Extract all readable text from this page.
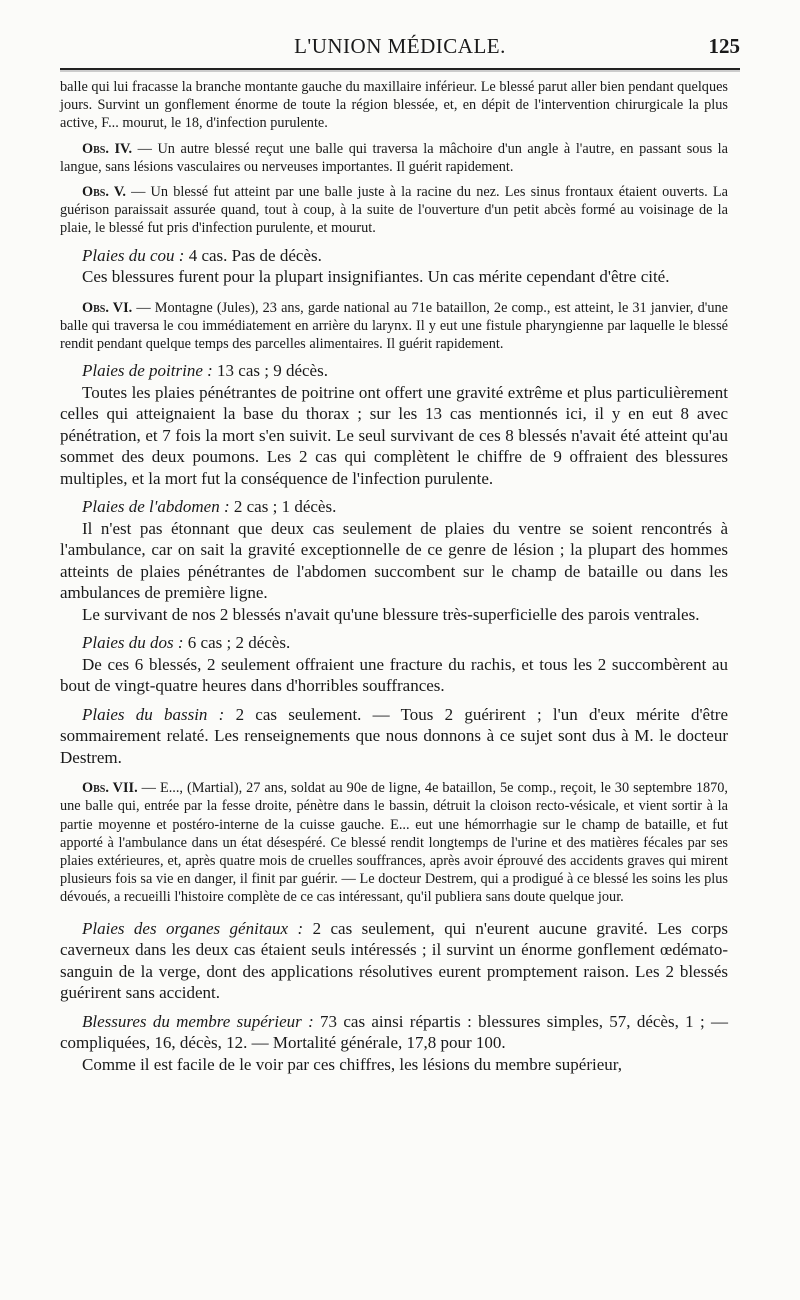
L'UNION MÉDICALE.	125

balle qui lui fracasse la branche montante gauche du maxillaire inférieur. Le blessé parut aller bien pendant quelques jours. Survint un gonflement énorme de toute la région blessée, et, en dépit de l'intervention chirurgicale la plus active, F... mourut, le 18, d'infection purulente.

Obs. IV. — Un autre blessé reçut une balle qui traversa la mâchoire d'un angle à l'autre, en passant sous la langue, sans lésions vasculaires ou nerveuses importantes. Il guérit rapidement.

Obs. V. — Un blessé fut atteint par une balle juste à la racine du nez. Les sinus frontaux étaient ouverts. La guérison paraissait assurée quand, tout à coup, à la suite de l'ouverture d'un petit abcès formé au voisinage de la plaie, le blessé fut pris d'infection purulente, et mourut.

Plaies du cou : 4 cas. Pas de décès.

Ces blessures furent pour la plupart insignifiantes. Un cas mérite cependant d'être cité.

Obs. VI. — Montagne (Jules), 23 ans, garde national au 71e bataillon, 2e comp., est atteint, le 31 janvier, d'une balle qui traversa le cou immédiatement en arrière du larynx. Il y eut une fistule pharyngienne par laquelle le blessé rendit pendant quelque temps des parcelles alimentaires. Il guérit rapidement.

Plaies de poitrine : 13 cas ; 9 décès.

Toutes les plaies pénétrantes de poitrine ont offert une gravité extrême et plus particulièrement celles qui atteignaient la base du thorax ; sur les 13 cas mentionnés ici, il y en eut 8 avec pénétration, et 7 fois la mort s'en suivit. Le seul survivant de ces 8 blessés n'avait été atteint qu'au sommet des deux poumons. Les 2 cas qui complètent le chiffre de 9 offraient des blessures multiples, et la mort fut la conséquence de l'infection purulente.

Plaies de l'abdomen : 2 cas ; 1 décès.

Il n'est pas étonnant que deux cas seulement de plaies du ventre se soient rencontrés à l'ambulance, car on sait la gravité exceptionnelle de ce genre de lésion ; la plupart des hommes atteints de plaies pénétrantes de l'abdomen succombent sur le champ de bataille ou dans les ambulances de première ligne.

Le survivant de nos 2 blessés n'avait qu'une blessure très-superficielle des parois ventrales.

Plaies du dos : 6 cas ; 2 décès.

De ces 6 blessés, 2 seulement offraient une fracture du rachis, et tous les 2 succombèrent au bout de vingt-quatre heures dans d'horribles souffrances.

Plaies du bassin : 2 cas seulement. — Tous 2 guérirent ; l'un d'eux mérite d'être sommairement relaté. Les renseignements que nous donnons à ce sujet sont dus à M. le docteur Destrem.

Obs. VII. — E..., (Martial), 27 ans, soldat au 90e de ligne, 4e bataillon, 5e comp., reçoit, le 30 septembre 1870, une balle qui, entrée par la fesse droite, pénètre dans le bassin, détruit la cloison recto-vésicale, et vient sortir à la partie moyenne et postéro-interne de la cuisse gauche. E... eut une hémorrhagie sur le champ de bataille, et fut apporté à l'ambulance dans un état désespéré. Ce blessé rendit longtemps de l'urine et des matières fécales par ses plaies extérieures, et, après quatre mois de cruelles souffrances, après avoir éprouvé des accidents graves qui mirent plusieurs fois sa vie en danger, il finit par guérir. — Le docteur Destrem, qui a prodigué à ce blessé les soins les plus dévoués, a recueilli l'histoire complète de ce cas intéressant, qu'il publiera sans doute quelque jour.

Plaies des organes génitaux : 2 cas seulement, qui n'eurent aucune gravité. Les corps caverneux dans les deux cas étaient seuls intéressés ; il survint un énorme gonflement œdémato-sanguin de la verge, dont des applications résolutives eurent promptement raison. Les 2 blessés guérirent sans accident.

Blessures du membre supérieur : 73 cas ainsi répartis : blessures simples, 57, décès, 1 ; — compliquées, 16, décès, 12. — Mortalité générale, 17,8 pour 100.

Comme il est facile de le voir par ces chiffres, les lésions du membre supérieur,
